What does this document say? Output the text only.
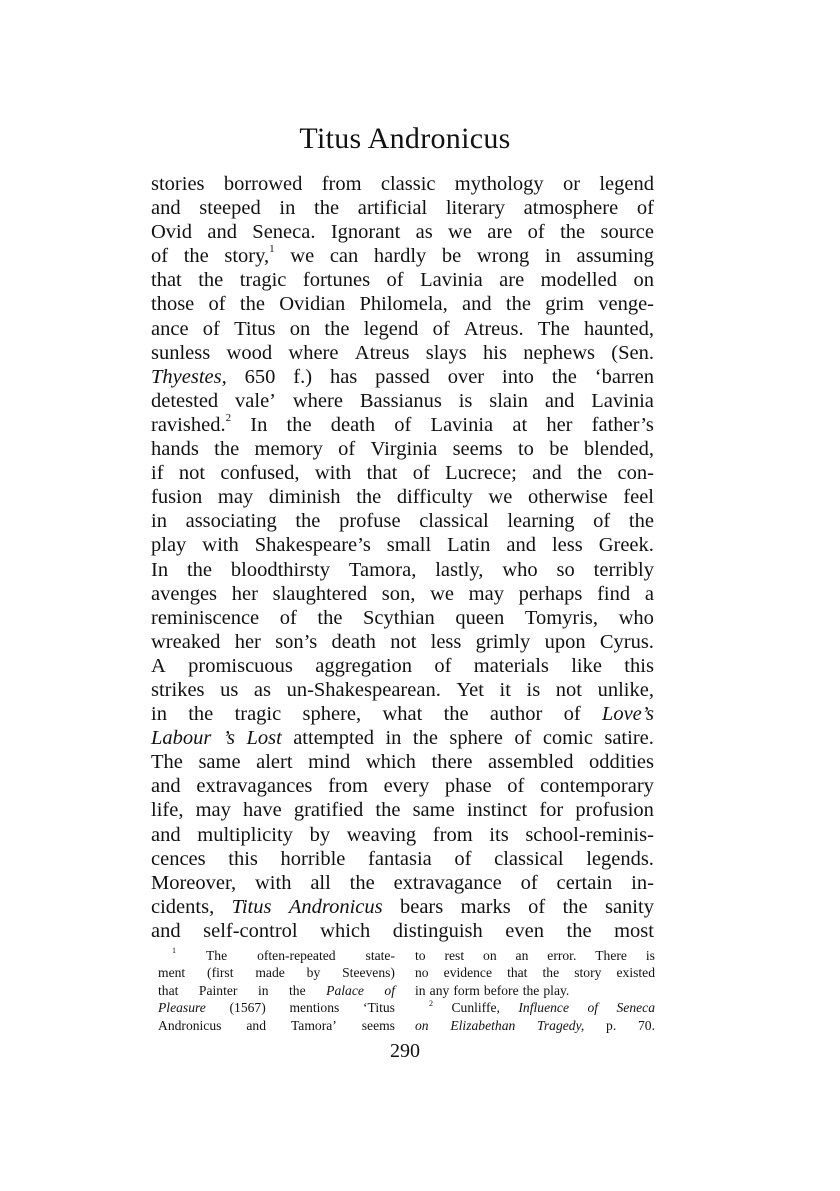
Titus Andronicus
stories borrowed from classic mythology or legend
and steeped in the artificial literary atmosphere of
Ovid and Seneca. Ignorant as we are of the source
of the story,$^1$ we can hardly be wrong in assuming
that the tragic fortunes of Lavinia are modelled on
those of the Ovidian Philomela, and the grim venge-
ance of Titus on the legend of Atreus. The haunted,
sunless wood where Atreus slays his nephews (Sen.
Thyestes, 650 f.) has passed over into the ‘barren
detested vale’ where Bassianus is slain and Lavinia
ravished.$^2$ In the death of Lavinia at her father’s
hands the memory of Virginia seems to be blended,
if not confused, with that of Lucrece; and the con-
fusion may diminish the difficulty we otherwise feel
in associating the profuse classical learning of the
play with Shakespeare’s small Latin and less Greek.
In the bloodthirsty Tamora, lastly, who so terribly
avenges her slaughtered son, we may perhaps find a
reminiscence of the Scythian queen Tomyris, who
wreaked her son’s death not less grimly upon Cyrus.
A promiscuous aggregation of materials like this
strikes us as un-Shakespearean. Yet it is not unlike,
in the tragic sphere, what the author of Love’s
Labour ’s Lost attempted in the sphere of comic satire.
The same alert mind which there assembled oddities
and extravagances from every phase of contemporary
life, may have gratified the same instinct for profusion
and multiplicity by weaving from its school-reminis-
cences this horrible fantasia of classical legends.
Moreover, with all the extravagance of certain in-
cidents, Titus Andronicus bears marks of the sanity
and self-control which distinguish even the most
$^1$ The often-repeated state-
ment (first made by Steevens)
that Painter in the Palace of
Pleasure (1567) mentions ‘Titus
Andronicus and Tamora’ seems
to rest on an error. There is
no evidence that the story existed
in any form before the play.
$^2$ Cunliffe, Influence of Seneca
on Elizabethan Tragedy, p. 70.
290
